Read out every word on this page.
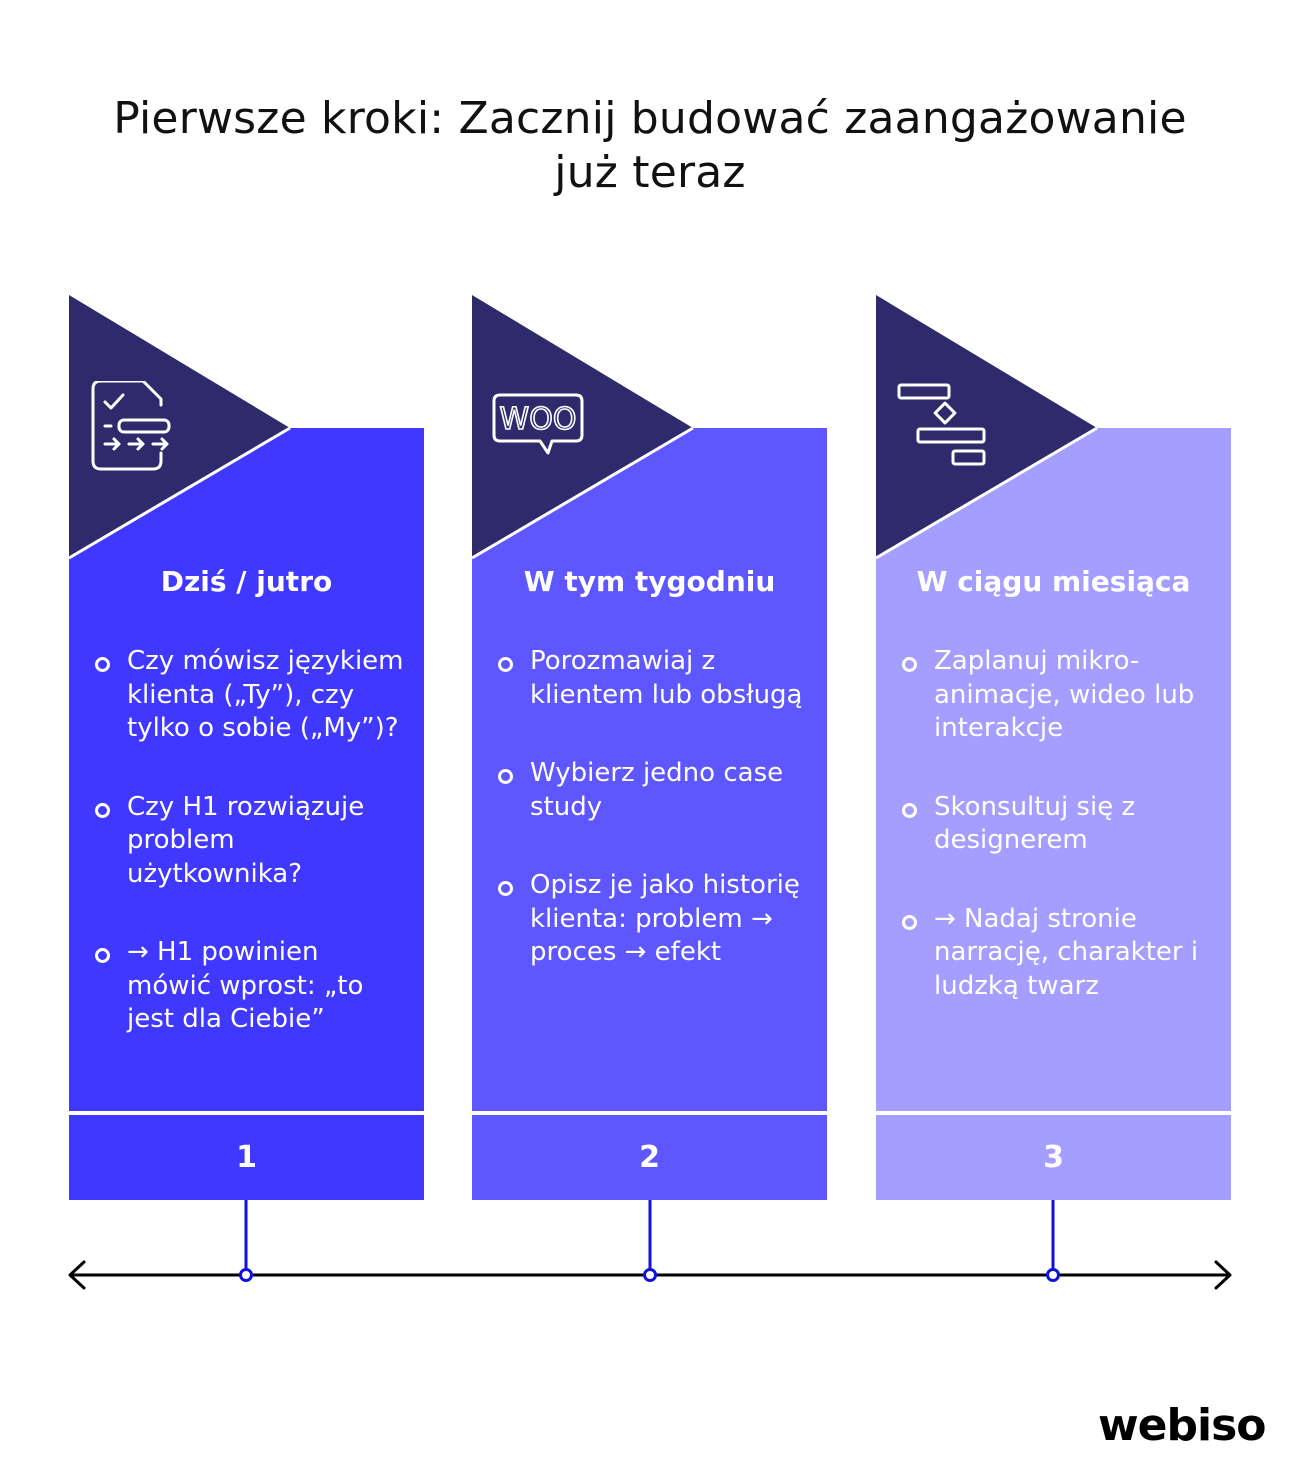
Pierwsze kroki: Zacznij budować zaangażowanie
już teraz
Dziś / jutro
Czy mówisz językiem klienta („Ty”), czy tylko o sobie („My”)?
Czy H1 rozwiązuje problem użytkownika?
→ H1 powinien mówić wprost: „to jest dla Ciebie”
1
WOO
W tym tygodniu
Porozmawiaj z klientem lub obsługą
Wybierz jedno case study
Opisz je jako historię klienta: problem → proces → efekt
2
W ciągu miesiąca
Zaplanuj mikro-animacje, wideo lub interakcje
Skonsultuj się z designerem
→ Nadaj stronie narrację, charakter i ludzką twarz
3
webiso
